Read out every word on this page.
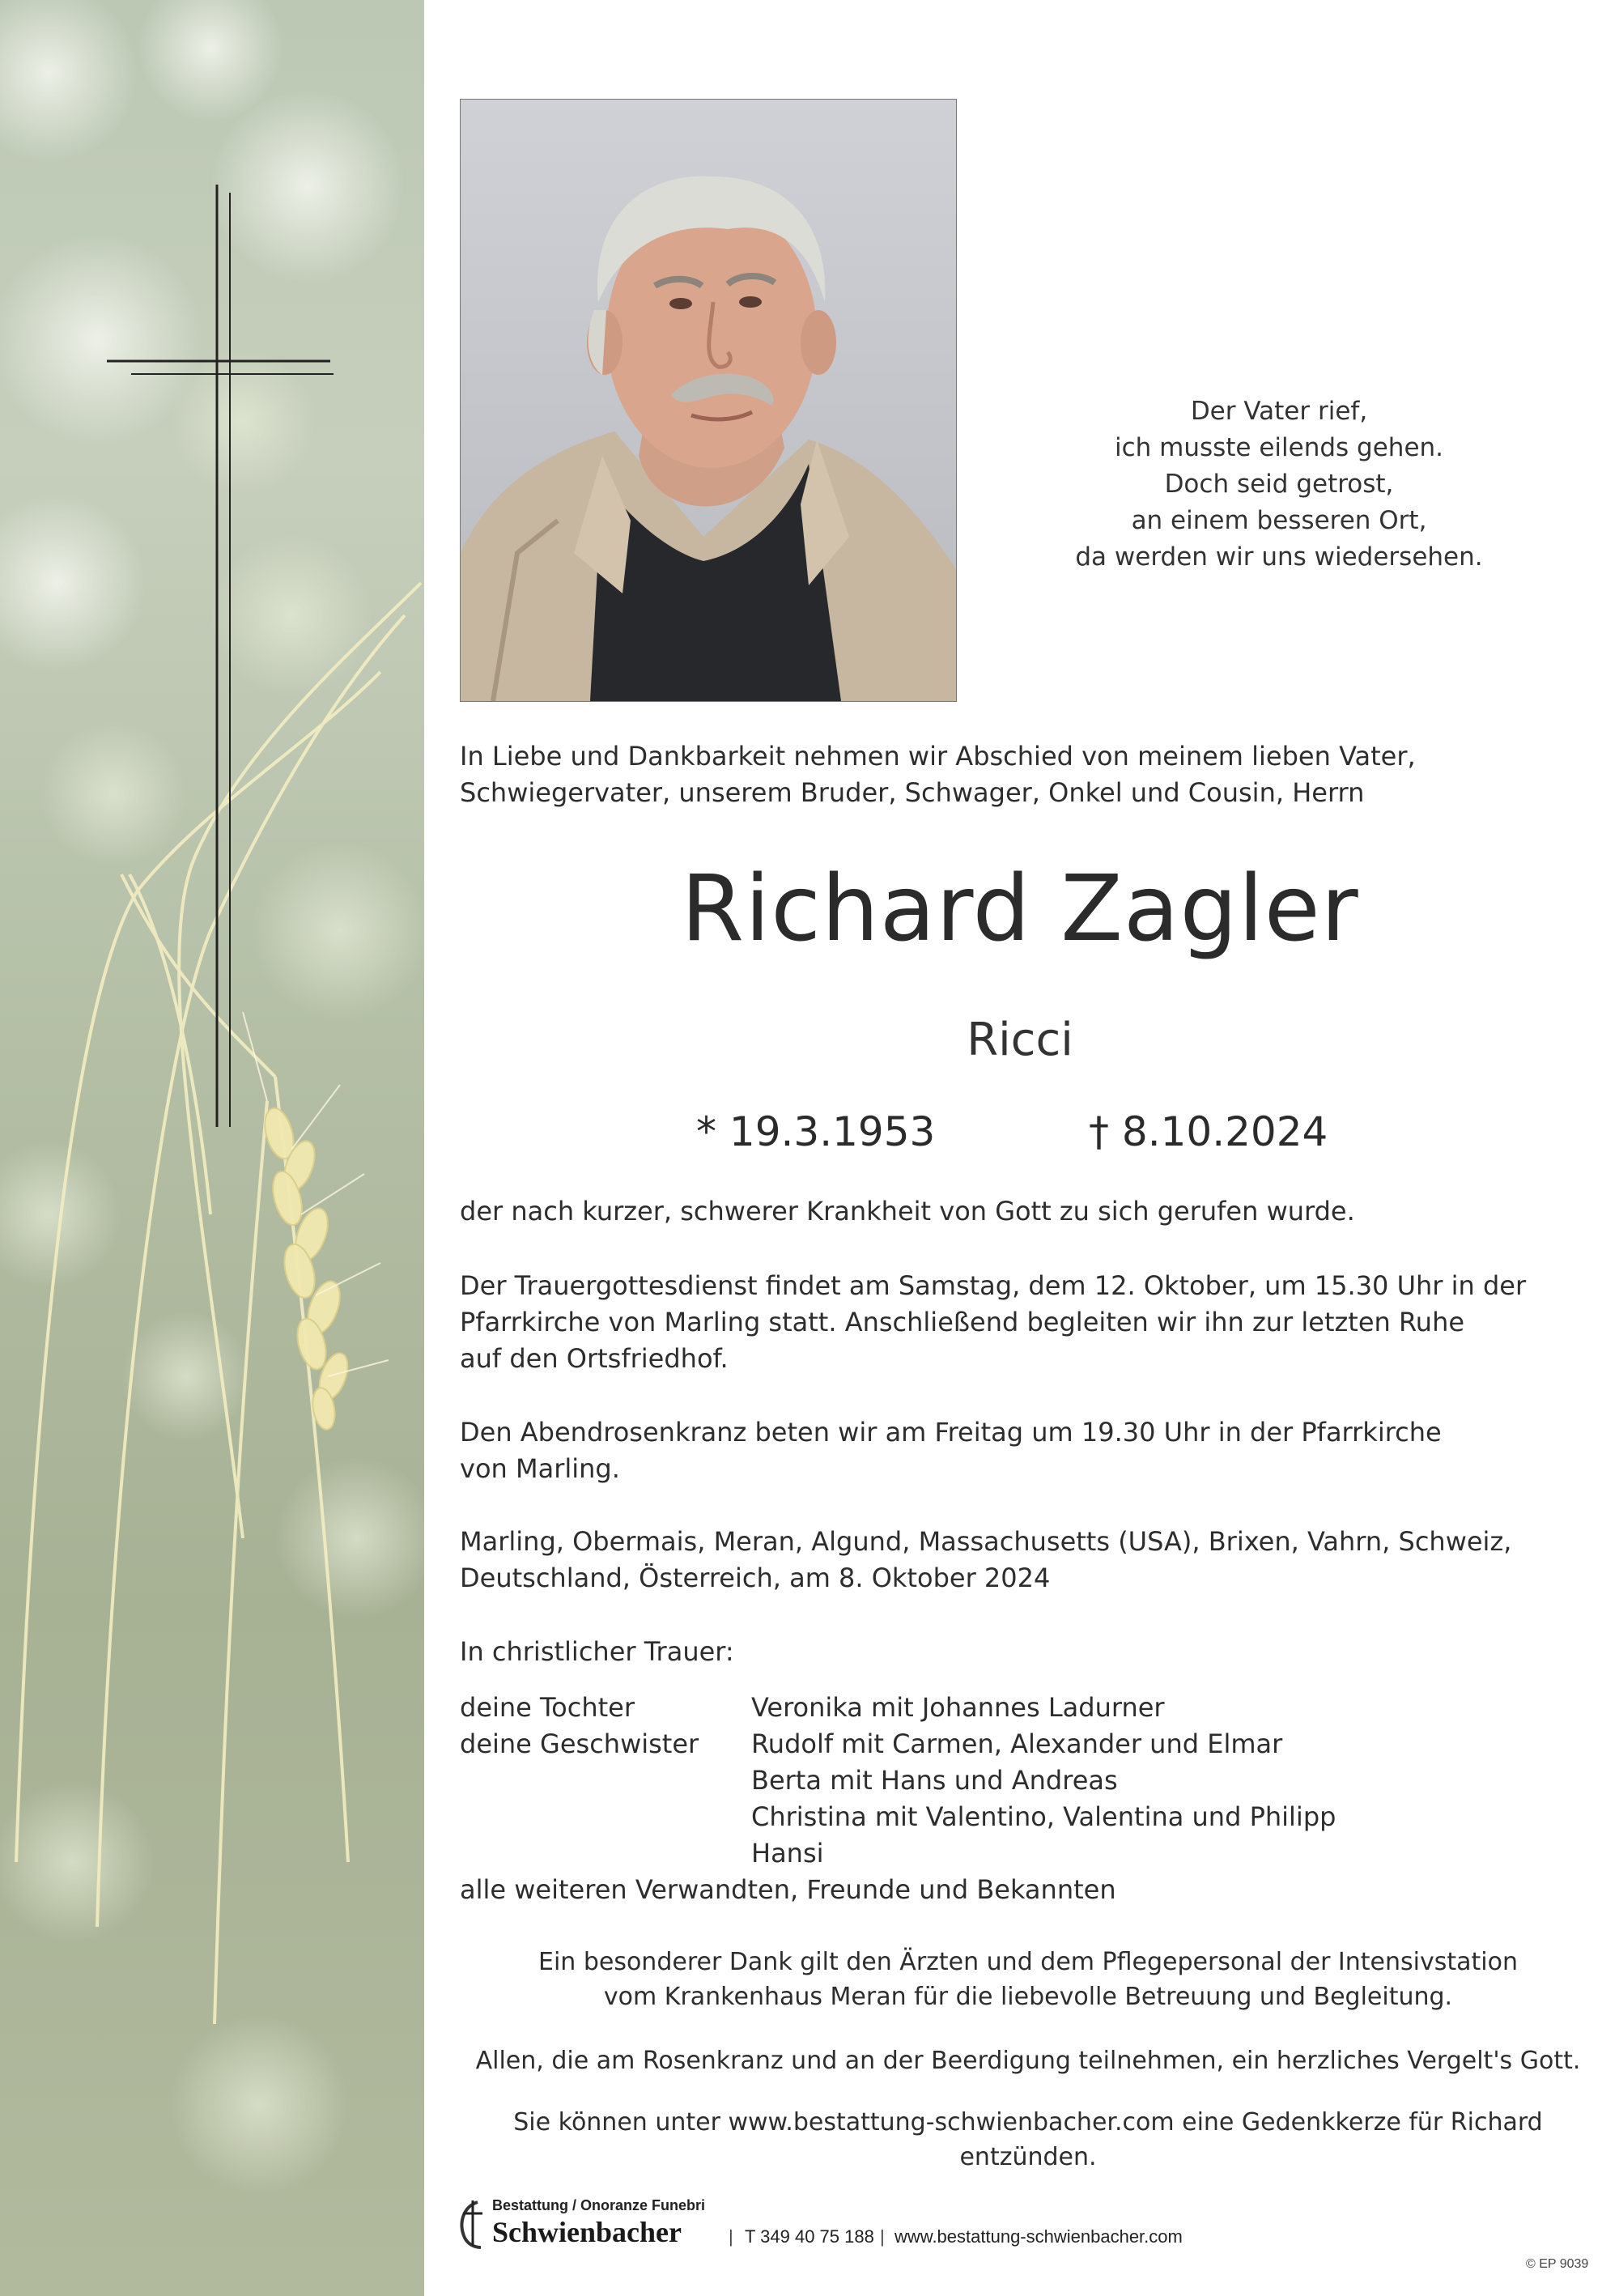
Der Vater rief,
ich musste eilends gehen.
Doch seid getrost,
an einem besseren Ort,
da werden wir uns wiedersehen.
In Liebe und Dankbarkeit nehmen wir Abschied von meinem lieben Vater,
Schwiegervater, unserem Bruder, Schwager, Onkel und Cousin, Herrn
Richard Zagler
Ricci
* 19.3.1953	† 8.10.2024
der nach kurzer, schwerer Krankheit von Gott zu sich gerufen wurde.
Der Trauergottesdienst findet am Samstag, dem 12. Oktober, um 15.30 Uhr in der
Pfarrkirche von Marling statt. Anschließend begleiten wir ihn zur letzten Ruhe
auf den Ortsfriedhof.
Den Abendrosenkranz beten wir am Freitag um 19.30 Uhr in der Pfarrkirche
von Marling.
Marling, Obermais, Meran, Algund, Massachusetts (USA), Brixen, Vahrn, Schweiz,
Deutschland, Österreich, am 8. Oktober 2024
In christlicher Trauer:
deine Tochter	Veronika mit Johannes Ladurner
deine Geschwister Rudolf mit Carmen, Alexander und Elmar
Berta mit Hans und Andreas
Christina mit Valentino, Valentina und Philipp
Hansi
alle weiteren Verwandten, Freunde und Bekannten
Ein besonderer Dank gilt den Ärzten und dem Pflegepersonal der Intensivstation
vom Krankenhaus Meran für die liebevolle Betreuung und Begleitung.
Allen, die am Rosenkranz und an der Beerdigung teilnehmen, ein herzliches Vergelt's Gott.
Sie können unter www.bestattung-schwienbacher.com eine Gedenkkerze für Richard entzünden.
Bestattung / Onoranze Funebri
Schwienbacher	| T 349 40 75 188 | www.bestattung-schwienbacher.com
© EP 9039
